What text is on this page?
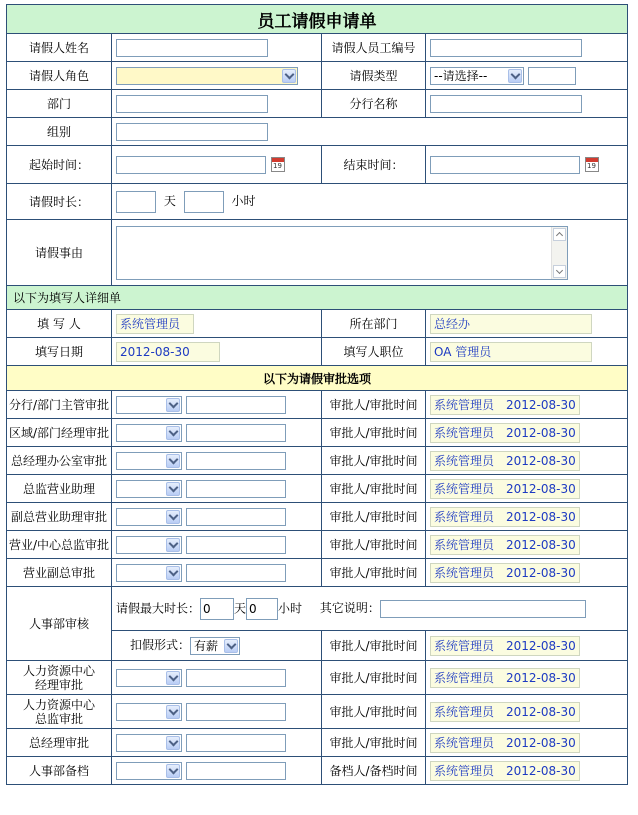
员工请假申请单			
请假人姓名		请假人员工编号	
请假人角色		请假类型	--请选择--

部门		分行名称	
组别	
起始时间：	19	结束时间：	19
请假时长：	天 小时		
请假事由	

以下为填写人详细单			
填 写 人	系统管理员	所在部门	总经办
填写日期	2012-08-30	填写人职位	OA 管理员
以下为请假审批选项			
分行/部门主管审批		审批人/审批时间	系统管理员　2012-08-30
区域/部门经理审批		审批人/审批时间	系统管理员　2012-08-30
总经理办公室审批		审批人/审批时间	系统管理员　2012-08-30
总监营业助理		审批人/审批时间	系统管理员　2012-08-30
副总营业助理审批		审批人/审批时间	系统管理员　2012-08-30
营业/中心总监审批		审批人/审批时间	系统管理员　2012-08-30
营业副总审批		审批人/审批时间	系统管理员　2012-08-30
人事部审核	请假最大时长：0 天0 小时 其它说明：
	扣假形式： 有薪	审批人/审批时间	系统管理员　2012-08-30
人力资源中心
经理审批		审批人/审批时间	系统管理员　2012-08-30
人力资源中心
总监审批		审批人/审批时间	系统管理员　2012-08-30
总经理审批		审批人/审批时间	系统管理员　2012-08-30
人事部备档		备档人/备档时间	系统管理员　2012-08-30
